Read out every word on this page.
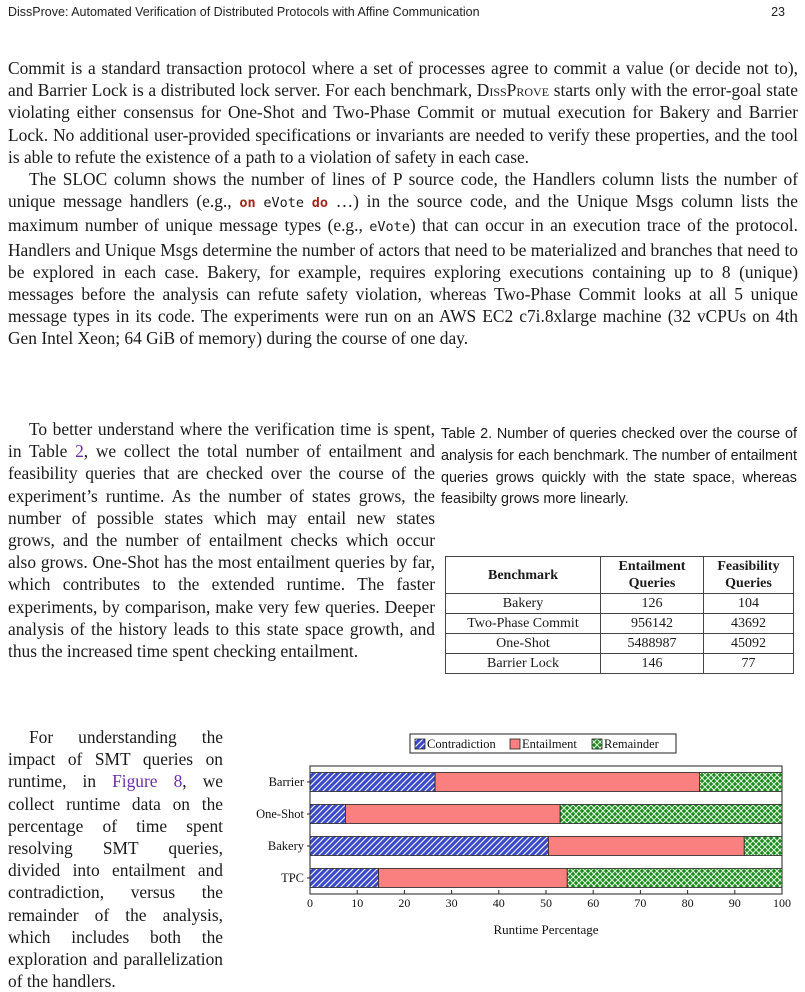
DissProve: Automated Verification of Distributed Protocols with Affine Communication	23

Commit is a standard transaction protocol where a set of processes agree to commit a value (or decide not to), and Barrier Lock is a distributed lock server. For each benchmark, DissProve starts only with the error-goal state violating either consensus for One-Shot and Two-Phase Commit or mutual execution for Bakery and Barrier Lock. No additional user-provided specifications or invariants are needed to verify these properties, and the tool is able to refute the existence of a path to a violation of safety in each case.

The SLOC column shows the number of lines of P source code, the Handlers column lists the number of unique message handlers (e.g., on eVote do …) in the source code, and the Unique Msgs column lists the maximum number of unique message types (e.g., eVote) that can occur in an execution trace of the protocol. Handlers and Unique Msgs determine the number of actors that need to be materialized and branches that need to be explored in each case. Bakery, for example, requires exploring executions containing up to 8 (unique) messages before the analysis can refute safety violation, whereas Two-Phase Commit looks at all 5 unique message types in its code. The experiments were run on an AWS EC2 c7i.8xlarge machine (32 vCPUs on 4th Gen Intel Xeon; 64 GiB of memory) during the course of one day.

To better understand where the verification time is spent, in Table 2, we collect the total number of entailment and feasibility queries that are checked over the course of the experiment’s runtime. As the number of states grows, the number of possible states which may entail new states grows, and the number of entailment checks which occur also grows. One-Shot has the most entailment queries by far, which contributes to the extended runtime. The faster experiments, by comparison, make very few queries. Deeper analysis of the history leads to this state space growth, and thus the increased time spent checking entailment.

For understanding the impact of SMT queries on runtime, in Figure 8, we collect runtime data on the percentage of time spent resolving SMT queries, divided into entailment and contradiction, versus the remainder of the analysis, which includes both the exploration and parallelization of the handlers.

Table 2. Number of queries checked over the course of analysis for each benchmark. The number of entailment queries grows quickly with the state space, whereas feasibilty grows more linearly.
Benchmark	Entailment Queries	Feasibility Queries
Bakery	126	104
Two-Phase Commit	956142	43692
One-Shot	5488987	45092
Barrier Lock	146	77
Contradiction Entailment Remainder
Barrier
One-Shot
Bakery
TPC
0	10	20	30	40	50	60	70	80	90	100
Runtime Percentage
